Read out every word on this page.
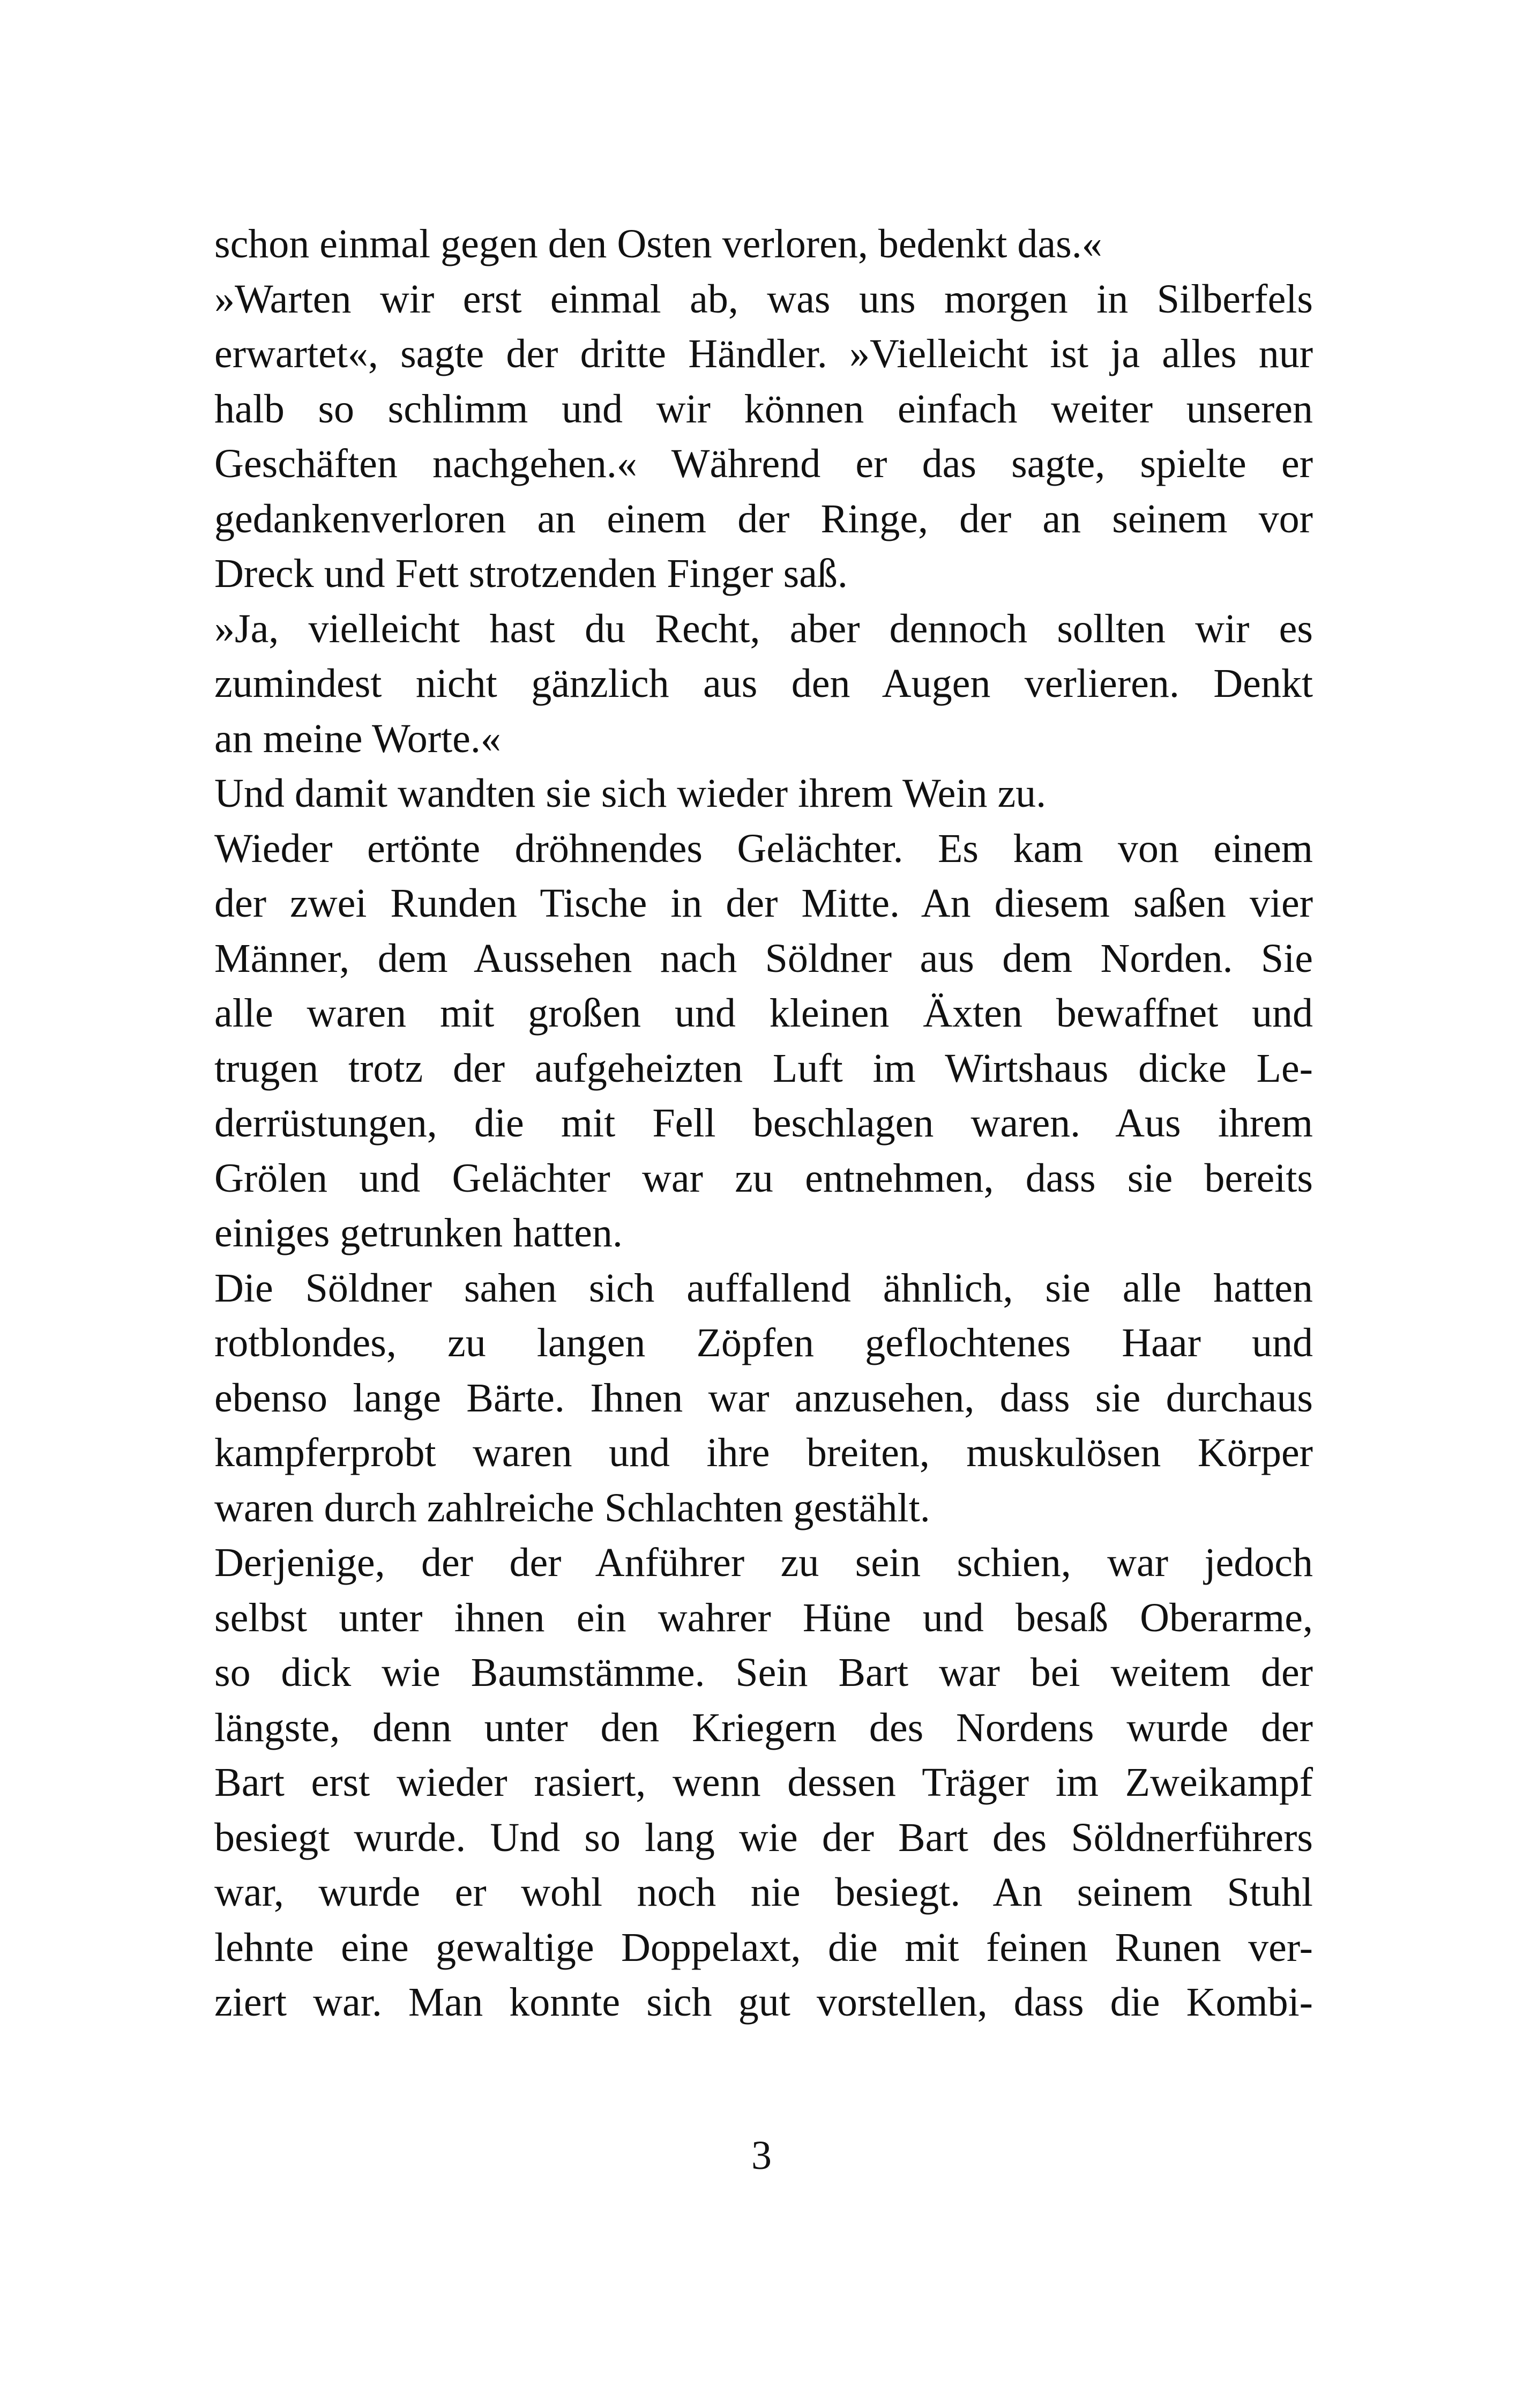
schon einmal gegen den Osten verloren, bedenkt das.«
»Warten wir erst einmal ab, was uns morgen in Silberfels
erwartet«, sagte der dritte Händler. »Vielleicht ist ja alles nur
halb so schlimm und wir können einfach weiter unseren
Geschäften nachgehen.« Während er das sagte, spielte er
gedankenverloren an einem der Ringe, der an seinem vor
Dreck und Fett strotzenden Finger saß.
»Ja, vielleicht hast du Recht, aber dennoch sollten wir es
zumindest nicht gänzlich aus den Augen verlieren. Denkt
an meine Worte.«
Und damit wandten sie sich wieder ihrem Wein zu.
Wieder ertönte dröhnendes Gelächter. Es kam von einem
der zwei Runden Tische in der Mitte. An diesem saßen vier
Männer, dem Aussehen nach Söldner aus dem Norden. Sie
alle waren mit großen und kleinen Äxten bewaffnet und
trugen trotz der aufgeheizten Luft im Wirtshaus dicke Le-
derrüstungen, die mit Fell beschlagen waren. Aus ihrem
Grölen und Gelächter war zu entnehmen, dass sie bereits
einiges getrunken hatten.
Die Söldner sahen sich auffallend ähnlich, sie alle hatten
rotblondes, zu langen Zöpfen geflochtenes Haar und
ebenso lange Bärte. Ihnen war anzusehen, dass sie durchaus
kampferprobt waren und ihre breiten, muskulösen Körper
waren durch zahlreiche Schlachten gestählt.
Derjenige, der der Anführer zu sein schien, war jedoch
selbst unter ihnen ein wahrer Hüne und besaß Oberarme,
so dick wie Baumstämme. Sein Bart war bei weitem der
längste, denn unter den Kriegern des Nordens wurde der
Bart erst wieder rasiert, wenn dessen Träger im Zweikampf
besiegt wurde. Und so lang wie der Bart des Söldnerführers
war, wurde er wohl noch nie besiegt. An seinem Stuhl
lehnte eine gewaltige Doppelaxt, die mit feinen Runen ver-
ziert war. Man konnte sich gut vorstellen, dass die Kombi-
3
